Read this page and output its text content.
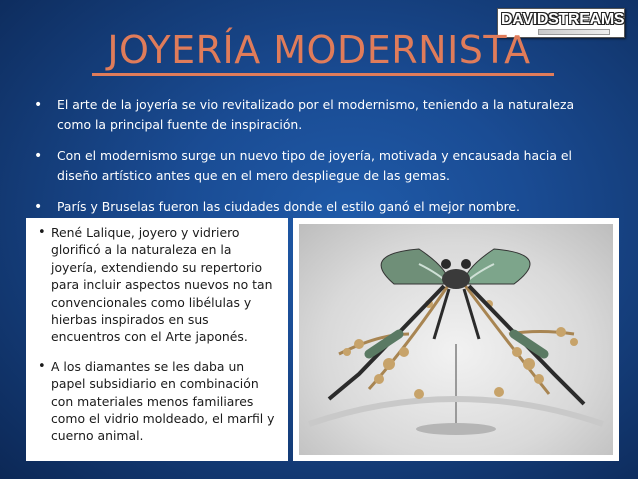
DAVIDSTREAMS
JOYERÍA MODERNISTA
• El arte de la joyería se vio revitalizado por el modernismo, teniendo a la naturaleza como la principal fuente de inspiración.
• Con el modernismo surge un nuevo tipo de joyería, motivada y encausada hacia el diseño artístico antes que en el mero despliegue de las gemas.
• París y Bruselas fueron las ciudades donde el estilo ganó el mejor nombre.
• René Lalique, joyero y vidriero glorificó a la naturaleza en la joyería, extendiendo su repertorio para incluir aspectos nuevos no tan convencionales como libélulas y hierbas inspirados en sus encuentros con el Arte japonés.
• A los diamantes se les daba un papel subsidiario en combinación con materiales menos familiares como el vidrio moldeado, el marfil y cuerno animal.
